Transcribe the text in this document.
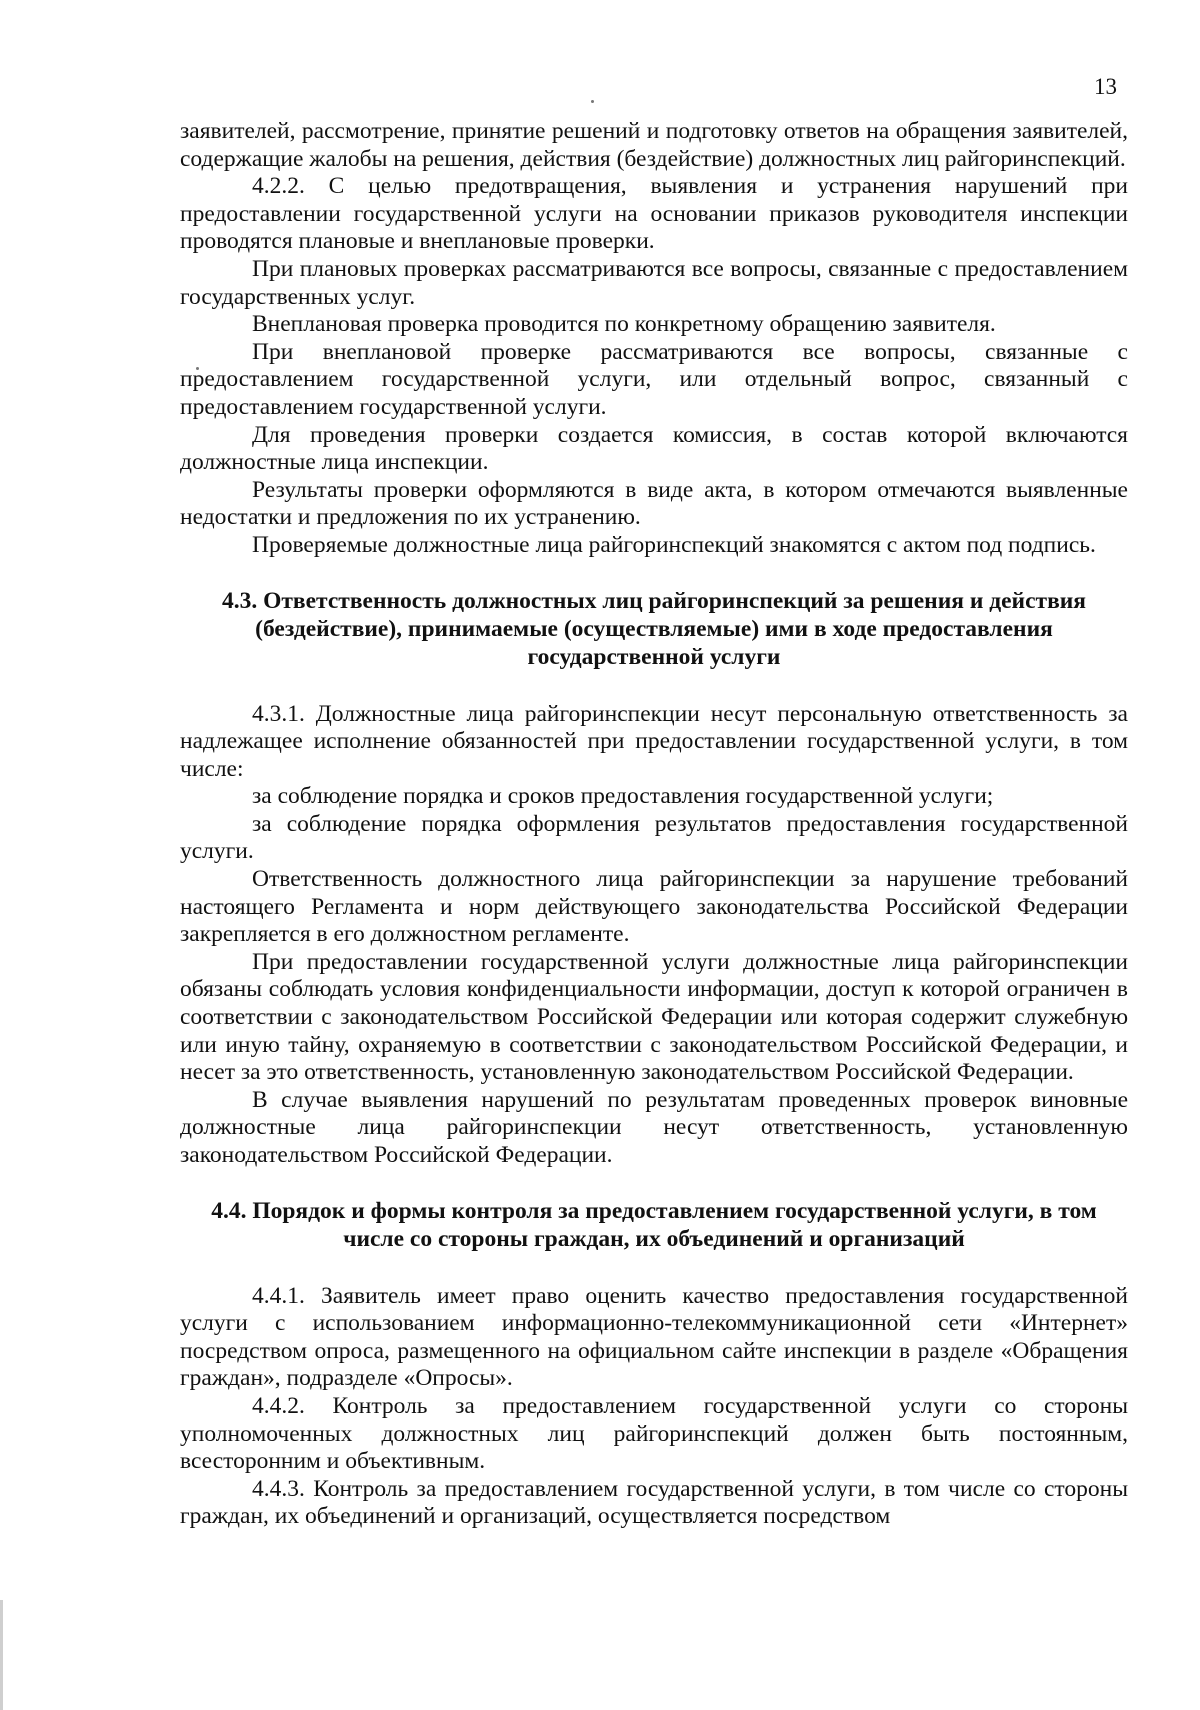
13

заявителей, рассмотрение, принятие решений и подготовку ответов на обращения заявителей, содержащие жалобы на решения, действия (бездействие) должностных лиц райгоринспекций.

4.2.2. С целью предотвращения, выявления и устранения нарушений при предоставлении государственной услуги на основании приказов руководителя инспекции проводятся плановые и внеплановые проверки.

При плановых проверках рассматриваются все вопросы, связанные с предоставлением государственных услуг.

Внеплановая проверка проводится по конкретному обращению заявителя.

При внеплановой проверке рассматриваются все вопросы, связанные с предоставлением государственной услуги, или отдельный вопрос, связанный с предоставлением государственной услуги.

Для проведения проверки создается комиссия, в состав которой включаются должностные лица инспекции.

Результаты проверки оформляются в виде акта, в котором отмечаются выявленные недостатки и предложения по их устранению.

Проверяемые должностные лица райгоринспекций знакомятся с актом под подпись.

4.3. Ответственность должностных лиц райгоринспекций за решения и действия (бездействие), принимаемые (осуществляемые) ими в ходе предоставления государственной услуги

4.3.1. Должностные лица райгоринспекции несут персональную ответственность за надлежащее исполнение обязанностей при предоставлении государственной услуги, в том числе:

за соблюдение порядка и сроков предоставления государственной услуги;

за соблюдение порядка оформления результатов предоставления государственной услуги.

Ответственность должностного лица райгоринспекции за нарушение требований настоящего Регламента и норм действующего законодательства Российской Федерации закрепляется в его должностном регламенте.

При предоставлении государственной услуги должностные лица райгоринспекции обязаны соблюдать условия конфиденциальности информации, доступ к которой ограничен в соответствии с законодательством Российской Федерации или которая содержит служебную или иную тайну, охраняемую в соответствии с законодательством Российской Федерации, и несет за это ответственность, установленную законодательством Российской Федерации.

В случае выявления нарушений по результатам проведенных проверок виновные должностные лица райгоринспекции несут ответственность, установленную законодательством Российской Федерации.

4.4. Порядок и формы контроля за предоставлением государственной услуги, в том числе со стороны граждан, их объединений и организаций

4.4.1. Заявитель имеет право оценить качество предоставления государственной услуги с использованием информационно-телекоммуникационной сети «Интернет» посредством опроса, размещенного на официальном сайте инспекции в разделе «Обращения граждан», подразделе «Опросы».

4.4.2. Контроль за предоставлением государственной услуги со стороны уполномоченных должностных лиц райгоринспекций должен быть постоянным, всесторонним и объективным.

4.4.3. Контроль за предоставлением государственной услуги, в том числе со стороны граждан, их объединений и организаций, осуществляется посредством
